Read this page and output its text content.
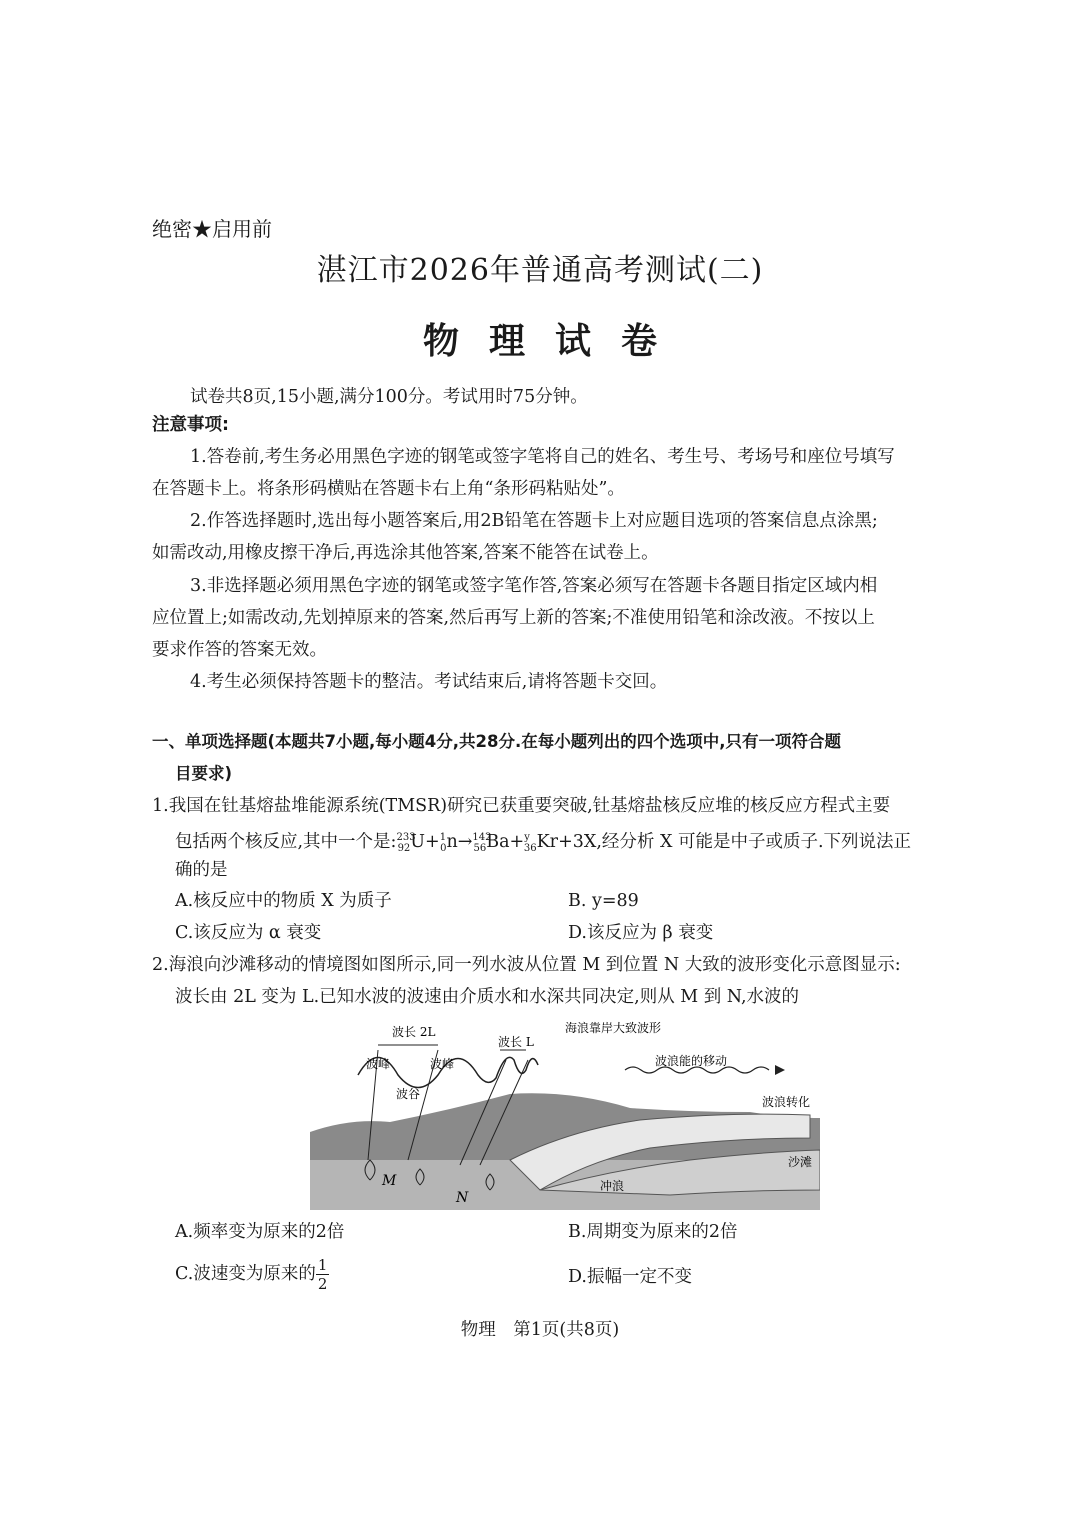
绝密★启用前
湛江市2026年普通高考测试(二)
物理试卷
试卷共8页,15小题,满分100分。考试用时75分钟。
注意事项:
1.答卷前,考生务必用黑色字迹的钢笔或签字笔将自己的姓名、考生号、考场号和座位号填写
在答题卡上。将条形码横贴在答题卡右上角“条形码粘贴处”。
2.作答选择题时,选出每小题答案后,用2B铅笔在答题卡上对应题目选项的答案信息点涂黑;
如需改动,用橡皮擦干净后,再选涂其他答案,答案不能答在试卷上。
3.非选择题必须用黑色字迹的钢笔或签字笔作答,答案必须写在答题卡各题目指定区域内相
应位置上;如需改动,先划掉原来的答案,然后再写上新的答案;不准使用铅笔和涂改液。不按以上
要求作答的答案无效。
4.考生必须保持答题卡的整洁。考试结束后,请将答题卡交回。
一、单项选择题(本题共7小题,每小题4分,共28分.在每小题列出的四个选项中,只有一项符合题
目要求)
1.我国在钍基熔盐堆能源系统(TMSR)研究已获重要突破,钍基熔盐核反应堆的核反应方程式主要
包括两个核反应,其中一个是:$^{233}_{92}$U+$^1_0$n→$^{142}_{56}$Ba+$^y_{36}$Kr+3X,经分析 X 可能是中子或质子.下列说法正
确的是
A.核反应中的物质 X 为质子	B. y=89
C.该反应为 α 衰变	D.该反应为 β 衰变
2.海浪向沙滩移动的情境图如图所示,同一列水波从位置 M 到位置 N 大致的波形变化示意图显示:
波长由 2L 变为 L.已知水波的波速由介质水和水深共同决定,则从 M 到 N,水波的
波长 2L
波峰	波峰
波谷
波长 L
海浪靠岸大致波形
波浪能的移动
波浪转化
沙滩
冲浪
M
N
A.频率变为原来的2倍	B.周期变为原来的2倍
C.波速变为原来的 $\frac{1}{2}$	D.振幅一定不变
物理　第1页(共8页)
